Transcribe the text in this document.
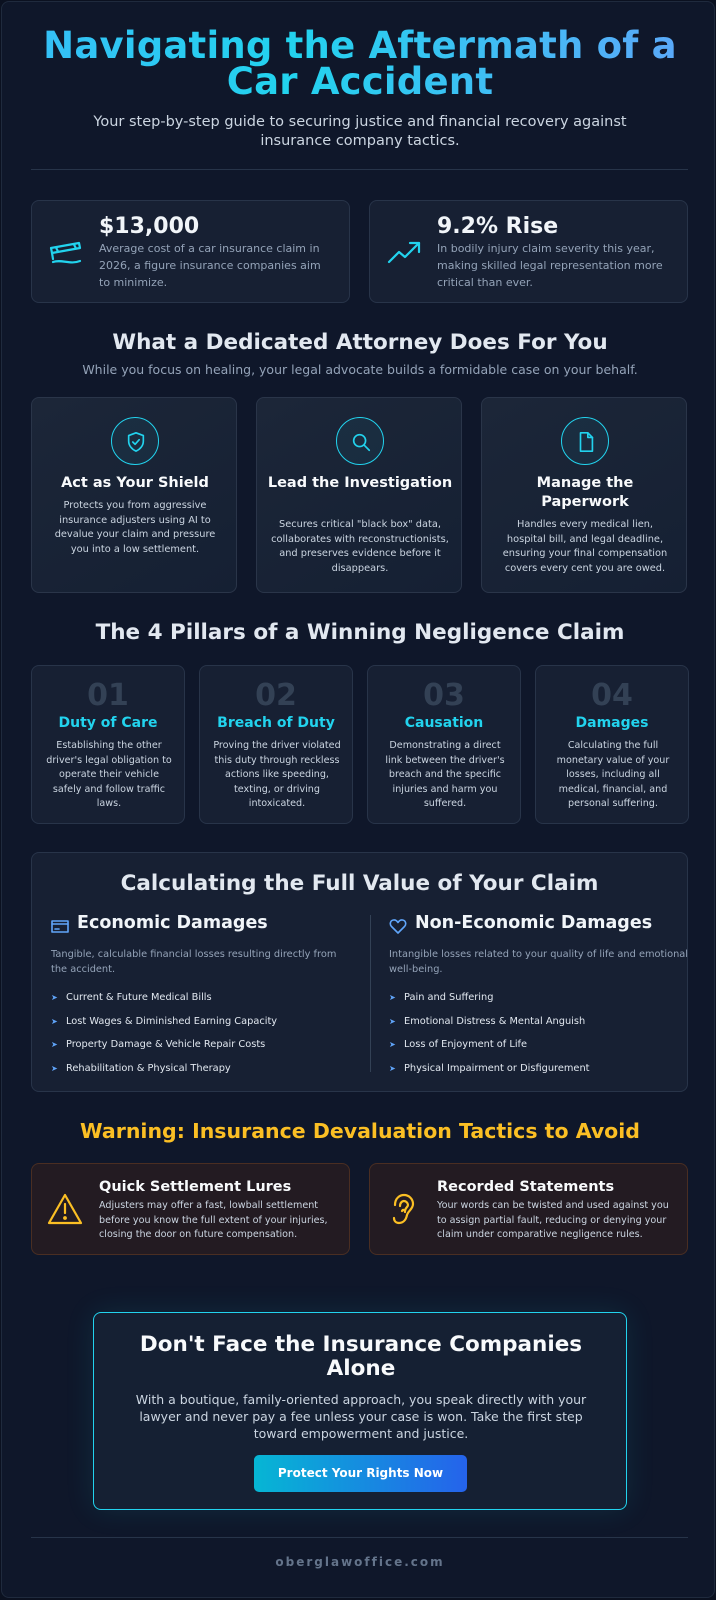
Navigating the Aftermath of a
Car Accident
Your step-by-step guide to securing justice and financial recovery against insurance company tactics.
$13,000
Average cost of a car insurance claim in 2026, a figure insurance companies aim to minimize.
9.2% Rise
In bodily injury claim severity this year, making skilled legal representation more critical than ever.
What a Dedicated Attorney Does For You
While you focus on healing, your legal advocate builds a formidable case on your behalf.
Act as Your Shield
Protects you from aggressive insurance adjusters using AI to devalue your claim and pressure you into a low settlement.
Lead the Investigation
Secures critical "black box" data, collaborates with reconstructionists, and preserves evidence before it disappears.
Manage the Paperwork
Handles every medical lien, hospital bill, and legal deadline, ensuring your final compensation covers every cent you are owed.
The 4 Pillars of a Winning Negligence Claim
01
Duty of Care
Establishing the other driver's legal obligation to operate their vehicle safely and follow traffic laws.
02
Breach of Duty
Proving the driver violated this duty through reckless actions like speeding, texting, or driving intoxicated.
03
Causation
Demonstrating a direct link between the driver's breach and the specific injuries and harm you suffered.
04
Damages
Calculating the full monetary value of your losses, including all medical, financial, and personal suffering.
Calculating the Full Value of Your Claim
Economic Damages
Tangible, calculable financial losses resulting directly from the accident.
➤ Current & Future Medical Bills
➤ Lost Wages & Diminished Earning Capacity
➤ Property Damage & Vehicle Repair Costs
➤ Rehabilitation & Physical Therapy
Non-Economic Damages
Intangible losses related to your quality of life and emotional well-being.
➤ Pain and Suffering
➤ Emotional Distress & Mental Anguish
➤ Loss of Enjoyment of Life
➤ Physical Impairment or Disfigurement
Warning: Insurance Devaluation Tactics to Avoid
Quick Settlement Lures
Adjusters may offer a fast, lowball settlement before you know the full extent of your injuries, closing the door on future compensation.
Recorded Statements
Your words can be twisted and used against you to assign partial fault, reducing or denying your claim under comparative negligence rules.
Don't Face the Insurance Companies Alone
With a boutique, family-oriented approach, you speak directly with your lawyer and never pay a fee unless your case is won. Take the first step toward empowerment and justice.
Protect Your Rights Now
oberglawoffice.com
